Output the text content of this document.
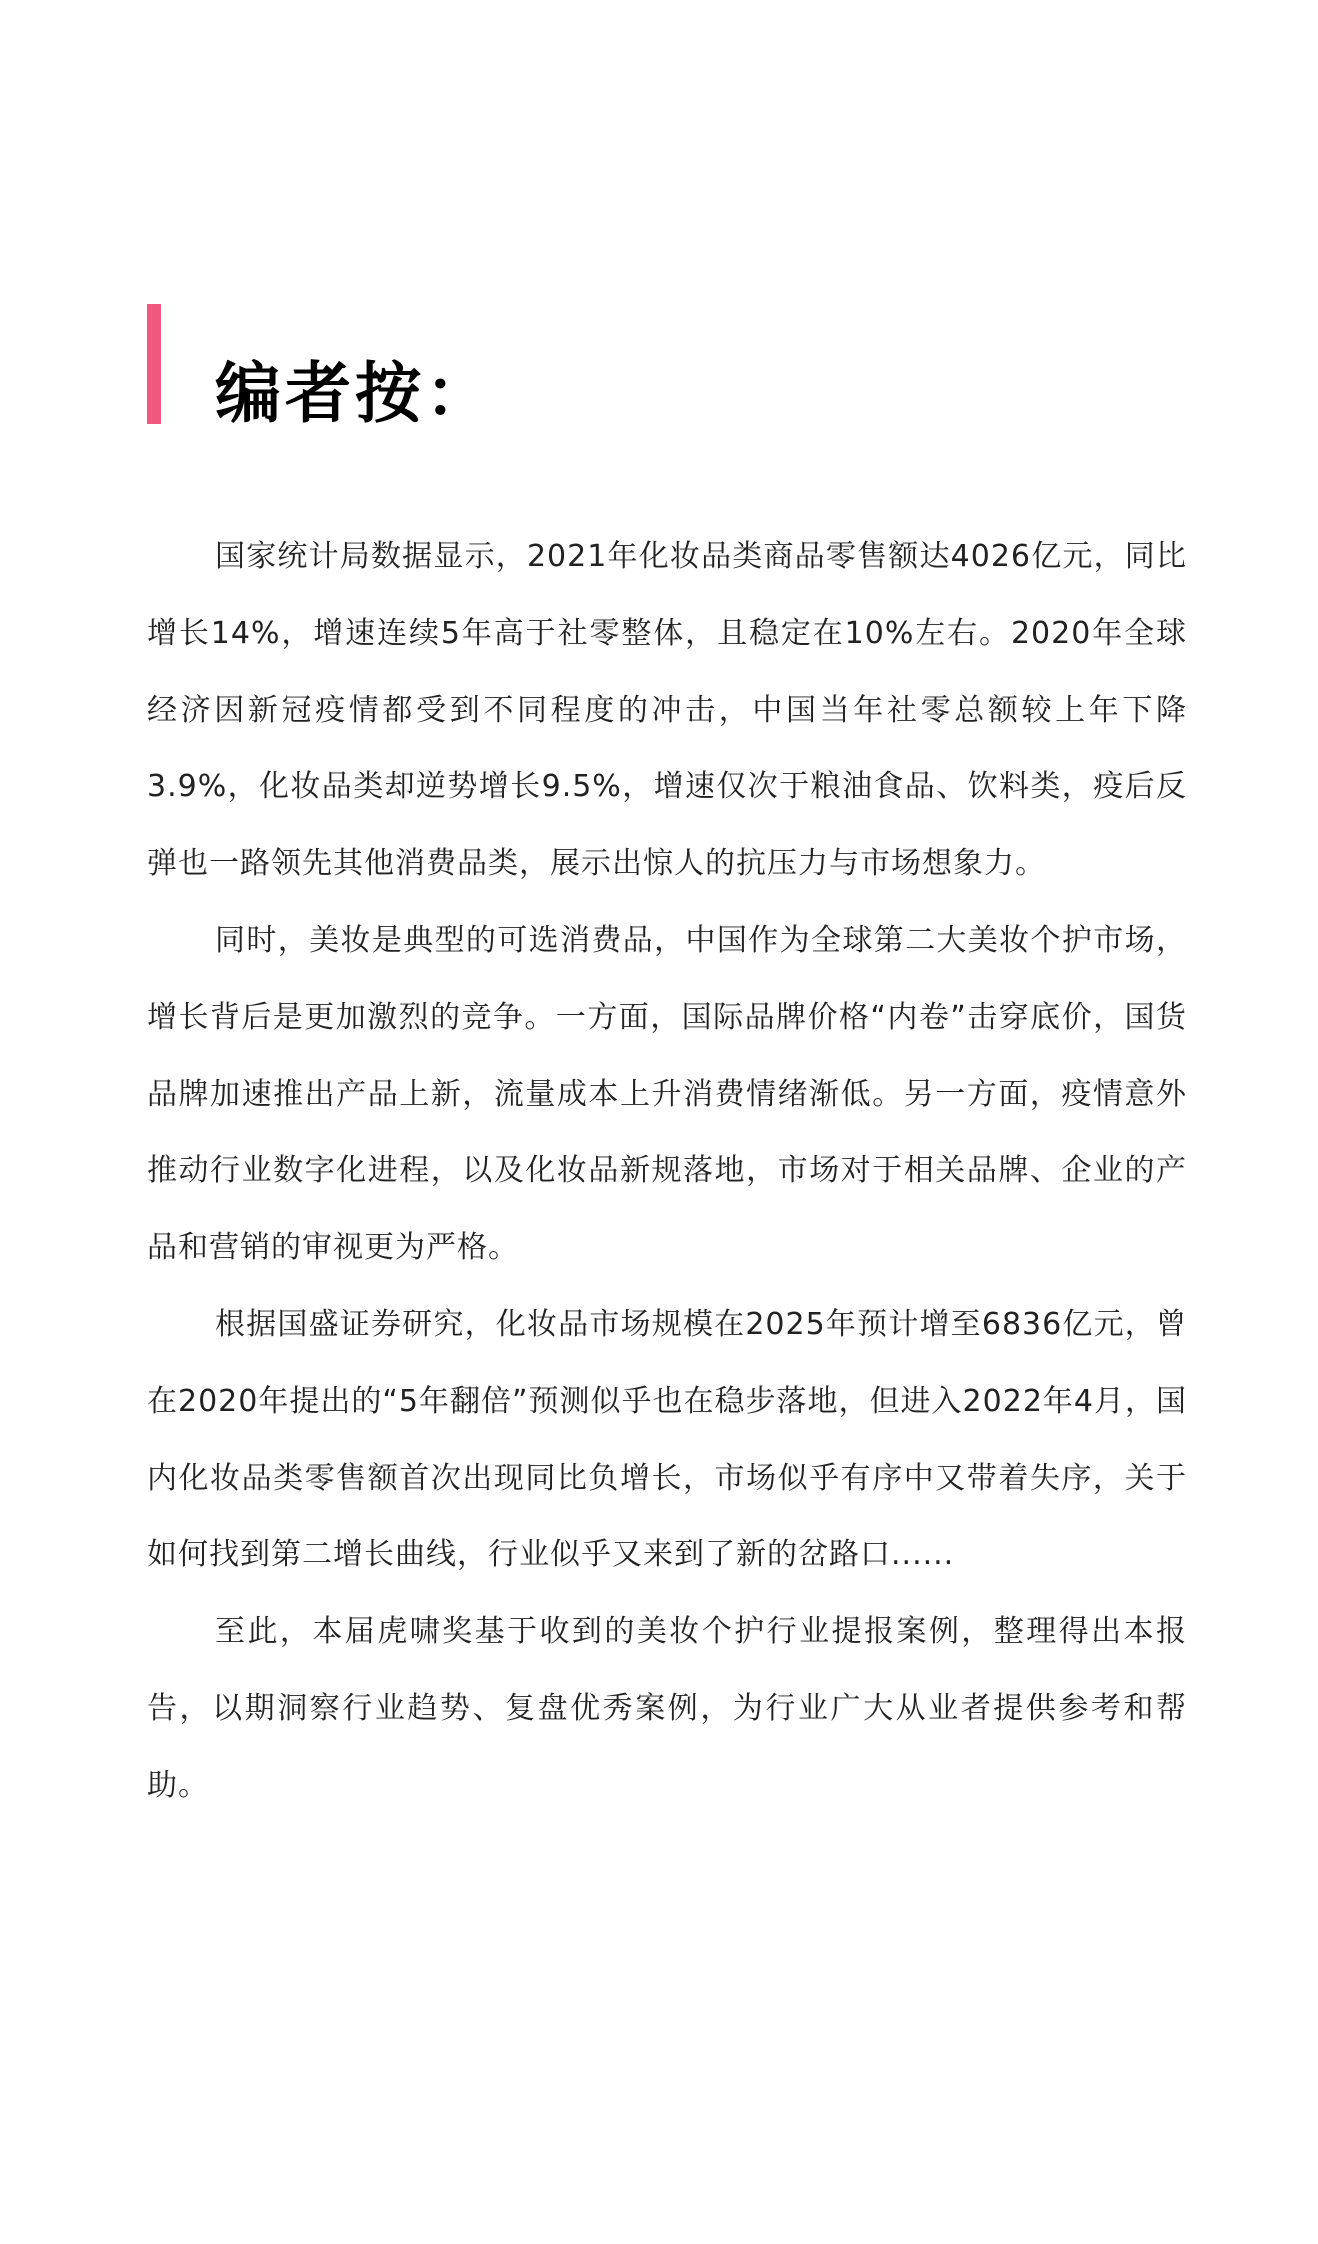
编者按：

国家统计局数据显示，2021年化妆品类商品零售额达4026亿元，同比增长14%，增速连续5年高于社零整体，且稳定在10%左右。2020年全球经济因新冠疫情都受到不同程度的冲击，中国当年社零总额较上年下降3.9%，化妆品类却逆势增长9.5%，增速仅次于粮油食品、饮料类，疫后反弹也一路领先其他消费品类，展示出惊人的抗压力与市场想象力。

同时，美妆是典型的可选消费品，中国作为全球第二大美妆个护市场，增长背后是更加激烈的竞争。一方面，国际品牌价格“内卷”击穿底价，国货品牌加速推出产品上新，流量成本上升消费情绪渐低。另一方面，疫情意外推动行业数字化进程，以及化妆品新规落地，市场对于相关品牌、企业的产品和营销的审视更为严格。

根据国盛证券研究，化妆品市场规模在2025年预计增至6836亿元，曾在2020年提出的“5年翻倍”预测似乎也在稳步落地，但进入2022年4月，国内化妆品类零售额首次出现同比负增长，市场似乎有序中又带着失序，关于如何找到第二增长曲线，行业似乎又来到了新的岔路口......

至此，本届虎啸奖基于收到的美妆个护行业提报案例，整理得出本报告，以期洞察行业趋势、复盘优秀案例，为行业广大从业者提供参考和帮助。
